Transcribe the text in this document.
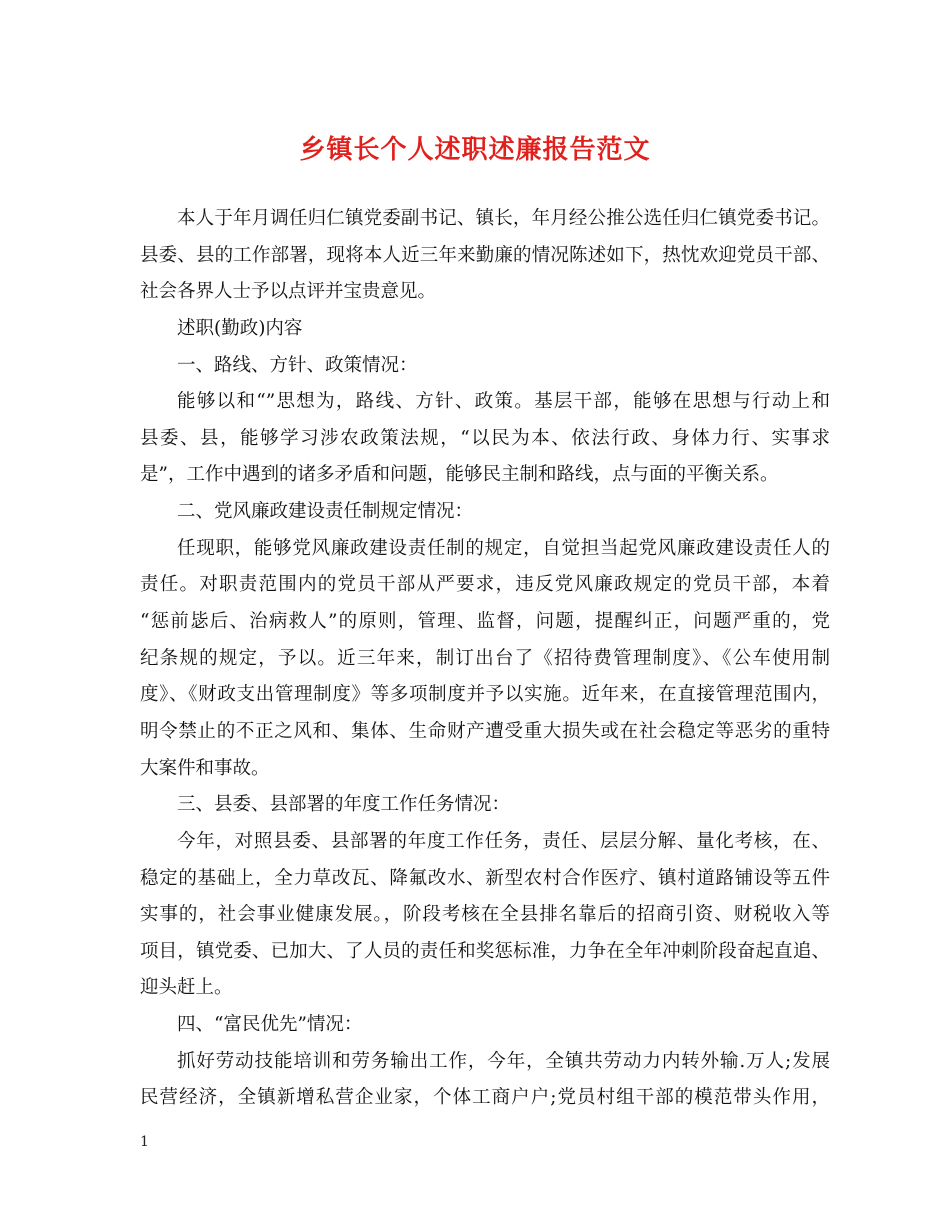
乡镇长个人述职述廉报告范文
本人于年月调任归仁镇党委副书记、镇长，年月经公推公选任归仁镇党委书记。
县委、县的工作部署，现将本人近三年来勤廉的情况陈述如下，热忱欢迎党员干部、
社会各界人士予以点评并宝贵意见。
述职(勤政)内容
一、路线、方针、政策情况：
能够以和“”思想为，路线、方针、政策。基层干部，能够在思想与行动上和
县委、县，能够学习涉农政策法规，“以民为本、依法行政、身体力行、实事求
是”，工作中遇到的诸多矛盾和问题，能够民主制和路线，点与面的平衡关系。
二、党风廉政建设责任制规定情况：
任现职，能够党风廉政建设责任制的规定，自觉担当起党风廉政建设责任人的
责任。对职责范围内的党员干部从严要求，违反党风廉政规定的党员干部，本着
“惩前毖后、治病救人”的原则，管理、监督，问题，提醒纠正，问题严重的，党
纪条规的规定，予以。近三年来，制订出台了《招待费管理制度》、《公车使用制
度》、《财政支出管理制度》等多项制度并予以实施。近年来，在直接管理范围内，
明令禁止的不正之风和、集体、生命财产遭受重大损失或在社会稳定等恶劣的重特
大案件和事故。
三、县委、县部署的年度工作任务情况：
今年，对照县委、县部署的年度工作任务，责任、层层分解、量化考核，在、
稳定的基础上，全力草改瓦、降氟改水、新型农村合作医疗、镇村道路铺设等五件
实事的，社会事业健康发展。，阶段考核在全县排名靠后的招商引资、财税收入等
项目，镇党委、已加大、了人员的责任和奖惩标准，力争在全年冲刺阶段奋起直追、
迎头赶上。
四、“富民优先”情况：
抓好劳动技能培训和劳务输出工作，今年，全镇共劳动力内转外输.万人;发展
民营经济，全镇新增私营企业家，个体工商户户;党员村组干部的模范带头作用，
1
